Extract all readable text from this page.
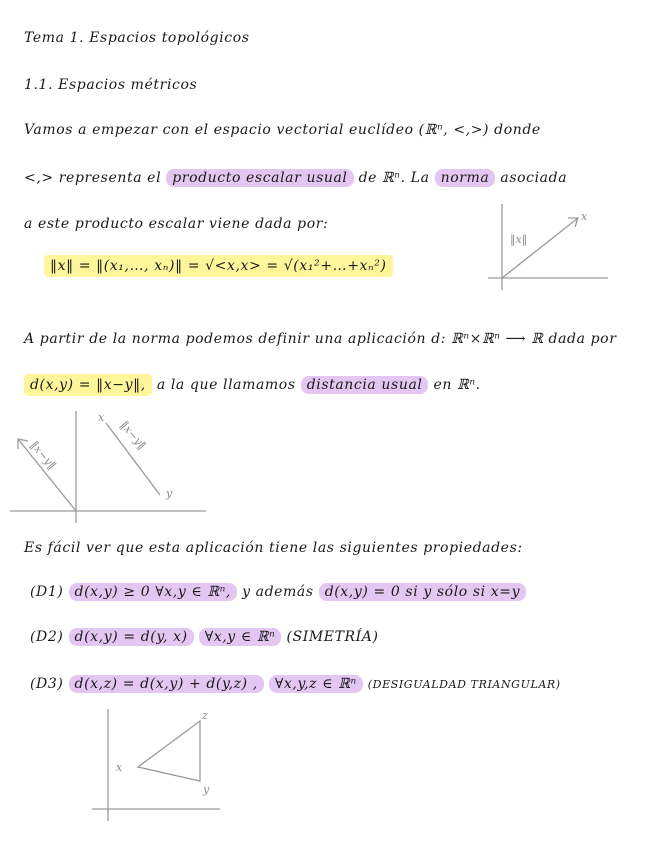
Tema 1. Espacios topológicos
1.1. Espacios métricos
Vamos a empezar con el espacio vectorial euclídeo (ℝⁿ, <,>) donde
<,> representa el producto escalar usual de ℝⁿ. La norma asociada
a este producto escalar viene dada por:
‖x‖ = ‖(x₁,…, xₙ)‖ = √<x,x> = √(x₁²+…+xₙ²)
‖x‖
x
A partir de la norma podemos definir una aplicación d: ℝⁿ×ℝⁿ ⟶ ℝ dada por
d(x,y) = ‖x−y‖, a la que llamamos distancia usual en ℝⁿ.
‖x−y‖
‖x−y‖
x
y
Es fácil ver que esta aplicación tiene las siguientes propiedades:
(D1) d(x,y) ≥ 0 ∀x,y ∈ ℝⁿ, y además d(x,y) = 0 si y sólo si x=y
(D2) d(x,y) = d(y, x) ∀x,y ∈ ℝⁿ (SIMETRÍA)
(D3) d(x,z) = d(x,y) + d(y,z) , ∀x,y,z ∈ ℝⁿ (DESIGUALDAD TRIANGULAR)
x
z
y
